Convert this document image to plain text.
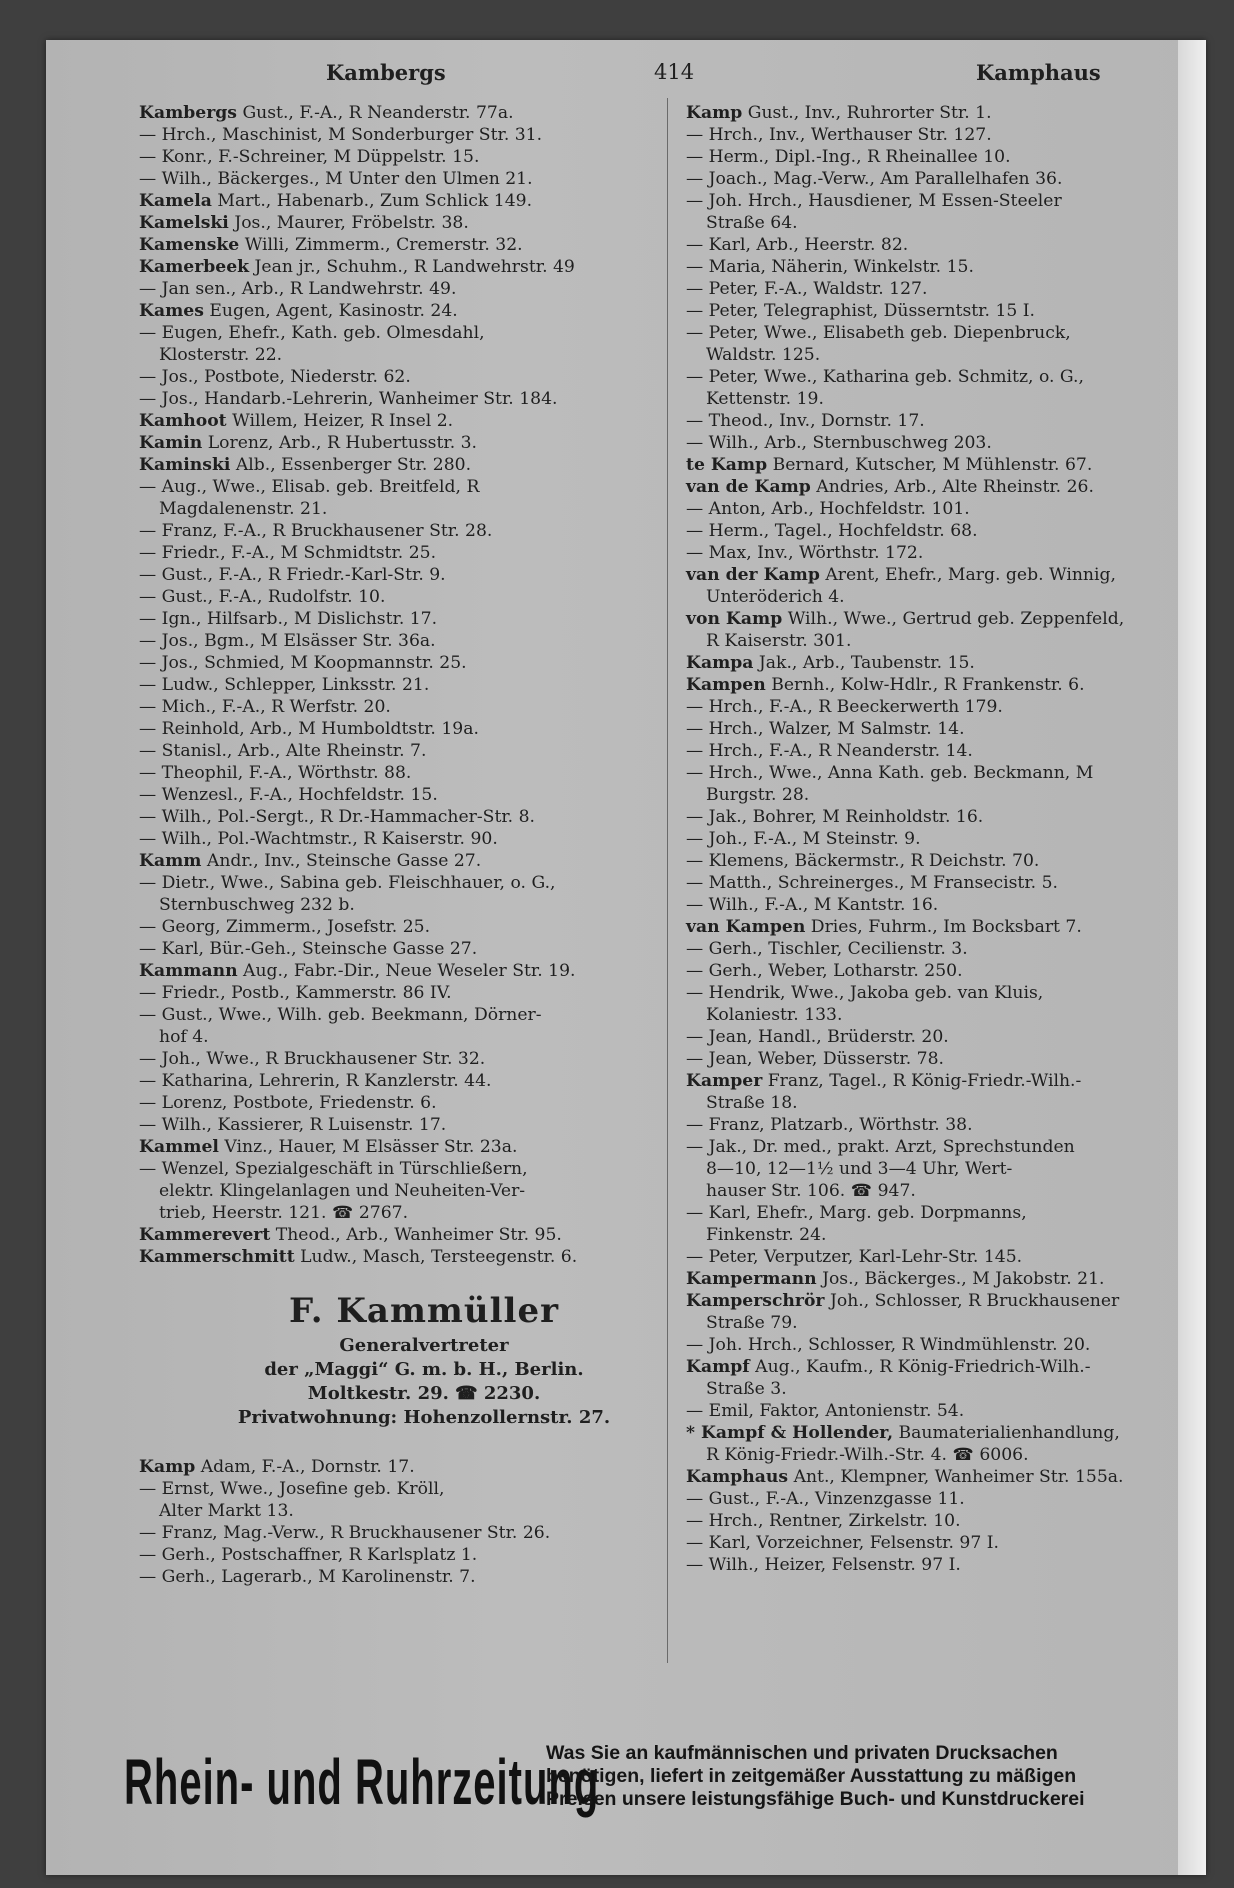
Kambergs	414	Kamphaus
Kambergs Gust., F.-A., R Neanderstr. 77a.
— Hrch., Maschinist, M Sonderburger Str. 31.
— Konr., F.-Schreiner, M Düppelstr. 15.
— Wilh., Bäckerges., M Unter den Ulmen 21.
Kamela Mart., Habenarb., Zum Schlick 149.
Kamelski Jos., Maurer, Fröbelstr. 38.
Kamenske Willi, Zimmerm., Cremerstr. 32.
Kamerbeek Jean jr., Schuhm., R Landwehrstr. 49
— Jan sen., Arb., R Landwehrstr. 49.
Kames Eugen, Agent, Kasinostr. 24.
— Eugen, Ehefr., Kath. geb. Olmesdahl,
Klosterstr. 22.
— Jos., Postbote, Niederstr. 62.
— Jos., Handarb.-Lehrerin, Wanheimer Str. 184.
Kamhoot Willem, Heizer, R Insel 2.
Kamin Lorenz, Arb., R Hubertusstr. 3.
Kaminski Alb., Essenberger Str. 280.
— Aug., Wwe., Elisab. geb. Breitfeld, R
Magdalenenstr. 21.
— Franz, F.-A., R Bruckhausener Str. 28.
— Friedr., F.-A., M Schmidtstr. 25.
— Gust., F.-A., R Friedr.-Karl-Str. 9.
— Gust., F.-A., Rudolfstr. 10.
— Ign., Hilfsarb., M Dislichstr. 17.
— Jos., Bgm., M Elsässer Str. 36a.
— Jos., Schmied, M Koopmannstr. 25.
— Ludw., Schlepper, Linksstr. 21.
— Mich., F.-A., R Werfstr. 20.
— Reinhold, Arb., M Humboldtstr. 19a.
— Stanisl., Arb., Alte Rheinstr. 7.
— Theophil, F.-A., Wörthstr. 88.
— Wenzesl., F.-A., Hochfeldstr. 15.
— Wilh., Pol.-Sergt., R Dr.-Hammacher-Str. 8.
— Wilh., Pol.-Wachtmstr., R Kaiserstr. 90.
Kamm Andr., Inv., Steinsche Gasse 27.
— Dietr., Wwe., Sabina geb. Fleischhauer, o. G.,
Sternbuschweg 232 b.
— Georg, Zimmerm., Josefstr. 25.
— Karl, Bür.-Geh., Steinsche Gasse 27.
Kammann Aug., Fabr.-Dir., Neue Weseler Str. 19.
— Friedr., Postb., Kammerstr. 86 IV.
— Gust., Wwe., Wilh. geb. Beekmann, Dörner-
hof 4.
— Joh., Wwe., R Bruckhausener Str. 32.
— Katharina, Lehrerin, R Kanzlerstr. 44.
— Lorenz, Postbote, Friedenstr. 6.
— Wilh., Kassierer, R Luisenstr. 17.
Kammel Vinz., Hauer, M Elsässer Str. 23a.
— Wenzel, Spezialgeschäft in Türschließern,
elektr. Klingelanlagen und Neuheiten-Ver-
trieb, Heerstr. 121. ☎ 2767.
Kammerevert Theod., Arb., Wanheimer Str. 95.
Kammerschmitt Ludw., Masch, Tersteegenstr. 6.
F. Kammüller
Generalvertreter
der „Maggi“ G. m. b. H., Berlin.
Moltkestr. 29. ☎ 2230.
Privatwohnung: Hohenzollernstr. 27.
Kamp Adam, F.-A., Dornstr. 17.
— Ernst, Wwe., Josefine geb. Kröll,
Alter Markt 13.
— Franz, Mag.-Verw., R Bruckhausener Str. 26.
— Gerh., Postschaffner, R Karlsplatz 1.
— Gerh., Lagerarb., M Karolinenstr. 7.
Kamp Gust., Inv., Ruhrorter Str. 1.
— Hrch., Inv., Werthauser Str. 127.
— Herm., Dipl.-Ing., R Rheinallee 10.
— Joach., Mag.-Verw., Am Parallelhafen 36.
— Joh. Hrch., Hausdiener, M Essen-Steeler
Straße 64.
— Karl, Arb., Heerstr. 82.
— Maria, Näherin, Winkelstr. 15.
— Peter, F.-A., Waldstr. 127.
— Peter, Telegraphist, Düsserntstr. 15 I.
— Peter, Wwe., Elisabeth geb. Diepenbruck,
Waldstr. 125.
— Peter, Wwe., Katharina geb. Schmitz, o. G.,
Kettenstr. 19.
— Theod., Inv., Dornstr. 17.
— Wilh., Arb., Sternbuschweg 203.
te Kamp Bernard, Kutscher, M Mühlenstr. 67.
van de Kamp Andries, Arb., Alte Rheinstr. 26.
— Anton, Arb., Hochfeldstr. 101.
— Herm., Tagel., Hochfeldstr. 68.
— Max, Inv., Wörthstr. 172.
van der Kamp Arent, Ehefr., Marg. geb. Winnig,
Unteröderich 4.
von Kamp Wilh., Wwe., Gertrud geb. Zeppenfeld,
R Kaiserstr. 301.
Kampa Jak., Arb., Taubenstr. 15.
Kampen Bernh., Kolw-Hdlr., R Frankenstr. 6.
— Hrch., F.-A., R Beeckerwerth 179.
— Hrch., Walzer, M Salmstr. 14.
— Hrch., F.-A., R Neanderstr. 14.
— Hrch., Wwe., Anna Kath. geb. Beckmann, M
Burgstr. 28.
— Jak., Bohrer, M Reinholdstr. 16.
— Joh., F.-A., M Steinstr. 9.
— Klemens, Bäckermstr., R Deichstr. 70.
— Matth., Schreinerges., M Fransecistr. 5.
— Wilh., F.-A., M Kantstr. 16.
van Kampen Dries, Fuhrm., Im Bocksbart 7.
— Gerh., Tischler, Cecilienstr. 3.
— Gerh., Weber, Lotharstr. 250.
— Hendrik, Wwe., Jakoba geb. van Kluis,
Kolaniestr. 133.
— Jean, Handl., Brüderstr. 20.
— Jean, Weber, Düsserstr. 78.
Kamper Franz, Tagel., R König-Friedr.-Wilh.-
Straße 18.
— Franz, Platzarb., Wörthstr. 38.
— Jak., Dr. med., prakt. Arzt, Sprechstunden
8—10, 12—1½ und 3—4 Uhr, Wert-
hauser Str. 106. ☎ 947.
— Karl, Ehefr., Marg. geb. Dorpmanns,
Finkenstr. 24.
— Peter, Verputzer, Karl-Lehr-Str. 145.
Kampermann Jos., Bäckerges., M Jakobstr. 21.
Kamperschrör Joh., Schlosser, R Bruckhausener
Straße 79.
— Joh. Hrch., Schlosser, R Windmühlenstr. 20.
Kampf Aug., Kaufm., R König-Friedrich-Wilh.-
Straße 3.
— Emil, Faktor, Antonienstr. 54.
* Kampf & Hollender, Baumaterialienhandlung,
R König-Friedr.-Wilh.-Str. 4. ☎ 6006.
Kamphaus Ant., Klempner, Wanheimer Str. 155a.
— Gust., F.-A., Vinzenzgasse 11.
— Hrch., Rentner, Zirkelstr. 10.
— Karl, Vorzeichner, Felsenstr. 97 I.
— Wilh., Heizer, Felsenstr. 97 I.
Rhein- und Ruhrzeitung
Was Sie an kaufmännischen und privaten Drucksachen
benötigen, liefert in zeitgemäßer Ausstattung zu mäßigen
Preisen unsere leistungsfähige Buch- und Kunstdruckerei
